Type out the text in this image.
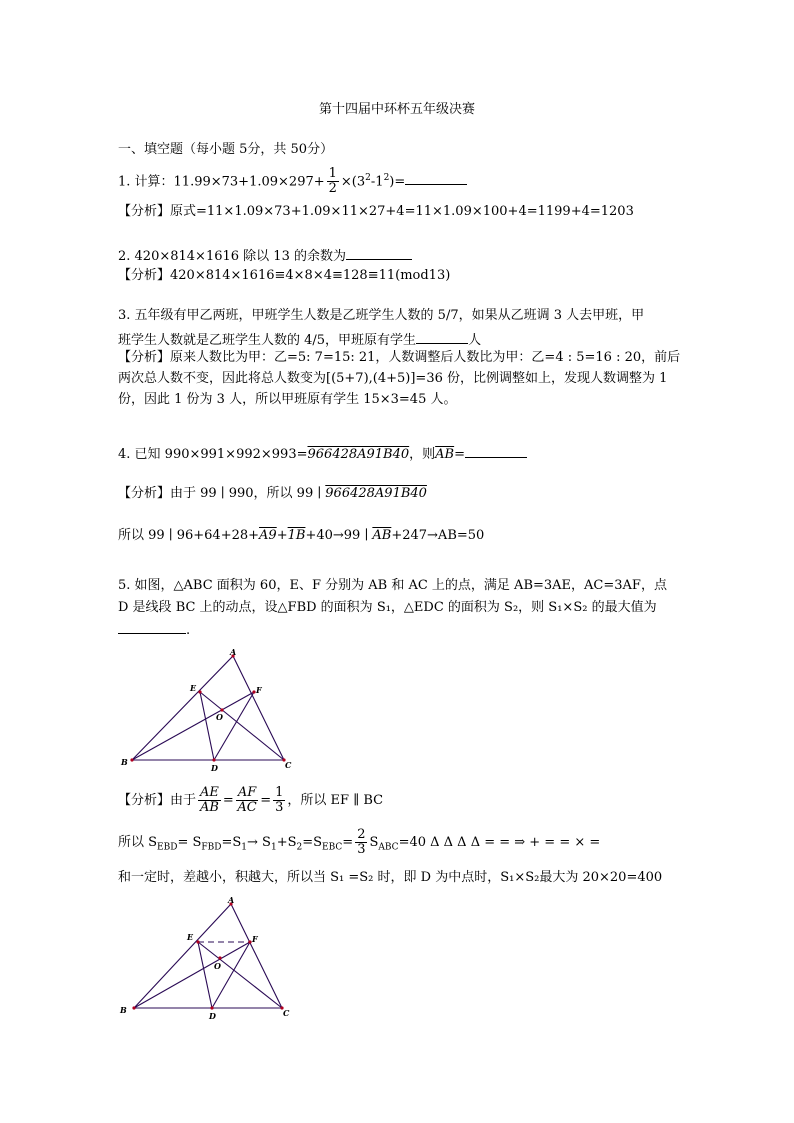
第十四届中环杯五年级决赛
一、填空题（每小题 5分，共 50分）
1. 计算：$11.99\times 73+1.09\times 297+ \frac{1}{2} \times(3^2-1^2)=$
【分析】原式=11×1.09×73+1.09×11×27+4=11×1.09×100+4=1199+4=1203
2. 420×814×1616 除以 13 的余数为
【分析】420×814×1616≡4×8×4≡128≡11(mod13)
3. 五年级有甲乙两班，甲班学生人数是乙班学生人数的 5/7，如果从乙班调 3 人去甲班，甲
班学生人数就是乙班学生人数的 4/5，甲班原有学生	人
【分析】原来人数比为甲：乙=5: 7=15: 21，人数调整后人数比为甲：乙=4 : 5=16 : 20，前后
两次总人数不变，因此将总人数变为[(5+7),(4+5)]=36 份，比例调整如上，发现人数调整为 1
份，因此 1 份为 3 人，所以甲班原有学生 15×3=45 人。
4. 已知 990×991×992×993=966428A91B40，则$\overline{AB}=$
【分析】由于 99 ∣ 990，所以 99 ∣ 966428A91B40
所以 99 ∣ 96+64+28+A9+1B+40→99 ∣ $\overline{AB}+247\to AB=50$
5. 如图，△ABC 面积为 60，E、F 分别为 AB 和 AC 上的点，满足 AB=3AE，AC=3AF，点
D 是线段 BC 上的动点，设△FBD 的面积为 S₁，△EDC 的面积为 S₂，则 S₁×S₂ 的最大值为
.
A
B	C
D
E	F
O
【分析】由于 $\frac{AE}{AB} = \frac{AF}{AC} = \frac{1}{3}$ ，所以 EF ∥ BC
所以 $S_{EBD}= S_{FBD}=S_1\to S_1+S_2=S_{EBC}= \frac{2}{3} S_{ABC}=40$ Δ Δ Δ Δ = = ⇒ + = = × =
和一定时，差越小，积越大，所以当 S₁ =S₂ 时，即 D 为中点时，S₁×S₂最大为 20×20=400
A
B	C
D
E	F
O
